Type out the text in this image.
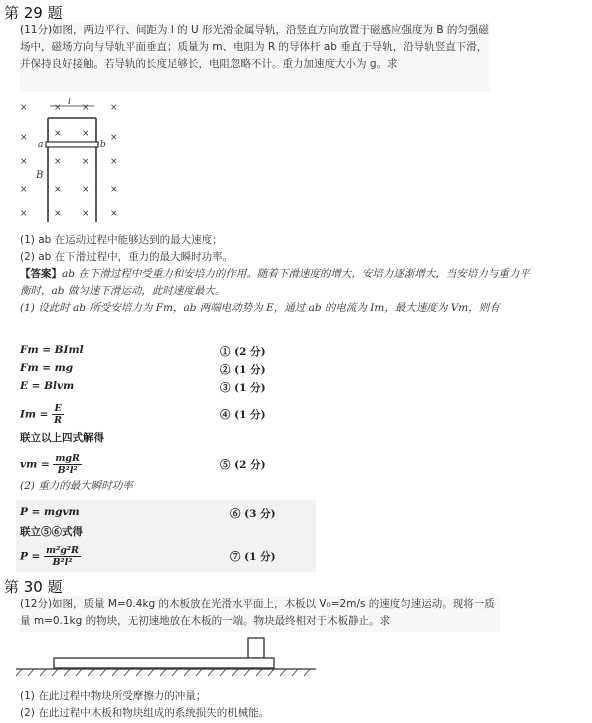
第 29 题
(11分)如图，两边平行、间距为 l 的 U 形光滑金属导轨，沿竖直方向放置于磁感应强度为 B 的匀强磁场中，磁场方向与导轨平面垂直；质量为 m、电阻为 R 的导体杆 ab 垂直于导轨，沿导轨竖直下滑，并保持良好接触。若导轨的长度足够长，电阻忽略不计。重力加速度大小为 g。求
×
×
×
×
×
×
×
×
×
×
× ×
× ×
× ×
× ×
× ×
l
a	b
B
(1) ab 在运动过程中能够达到的最大速度；
(2) ab 在下滑过程中，重力的最大瞬时功率。
【答案】ab 在下滑过程中受重力和安培力的作用。随着下滑速度的增大，安培力逐渐增大，当安培力与重力平衡时，ab 做匀速下滑运动，此时速度最大。
(1) 设此时 ab 所受安培力为 Fm，ab 两端电动势为 E，通过 ab 的电流为 Im，最大速度为 Vm，则有
Fm = BIml	① (2 分)
Fm = mg	② (1 分)
E = Blvm	③ (1 分)
$Im = \frac{E}{R}$	④ (1 分)
联立以上四式解得
vm = $\frac{\text{mgR}}{\text{B²l²}}$	⑤ (2 分)
(2) 重力的最大瞬时功率
P = mgvm	⑥ (3 分)
联立⑤⑥式得
$P = \frac{\text{m²g²R}}{\text{B²l²}}$	⑦ (1 分)
第 30 题
(12分)如图，质量 M=0.4kg 的木板放在光滑水平面上，木板以 V₀=2m/s 的速度匀速运动。现将一质量 m=0.1kg 的物块，无初速地放在木板的一端。物块最终相对于木板静止。求
(1) 在此过程中物块所受摩擦力的冲量；
(2) 在此过程中木板和物块组成的系统损失的机械能。
